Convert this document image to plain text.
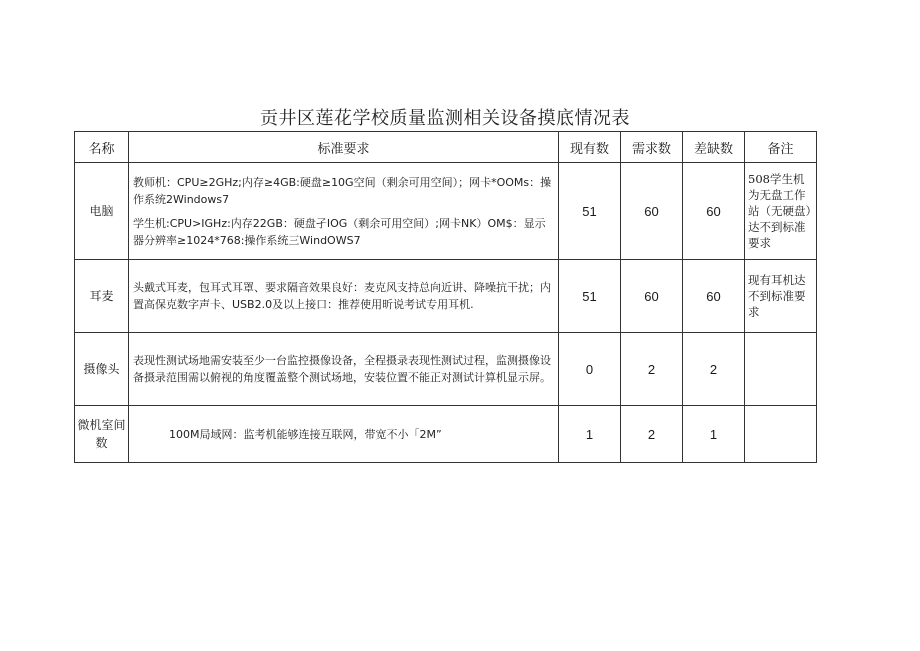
贡井区莲花学校质量监测相关设备摸底情况表
名称	标准要求	现有数	需求数	差缺数	备注
电脑	教师机：CPU≥2GHz;内存≥4GB:硬盘≥10G空间（剩余可用空间）；网卡*OOMs：操作系统2Windows7

学生机:CPU>IGHz:内存22GB：硬盘孑IOG（剩余可用空间）;网卡NK）OM$：显示器分辨率≥1024*768:操作系统三WindOWS7	51	60	60	508学生机为无盘工作站（无硬盘）达不到标准要求
耳麦	头戴式耳麦，包耳式耳罩、要求隔音效果良好：麦克风支持总向近讲、降噪抗干扰；内置高保克数字声卡、USB2.0及以上接口：推荐使用昕说考试专用耳机.	51	60	60	现有耳机达不到标准要求
摄像头	表现性测试场地需安装至少一台监控摄像设备，全程摄录表现性测试过程，监测摄像设备摄录范围需以俯视的角度覆盖整个测试场地，安装位置不能正对测试计算机显示屏。	0	2	2	
微机室间数	100M局域网：监考机能够连接互联网，带宽不小「2M”	1	2	1	
